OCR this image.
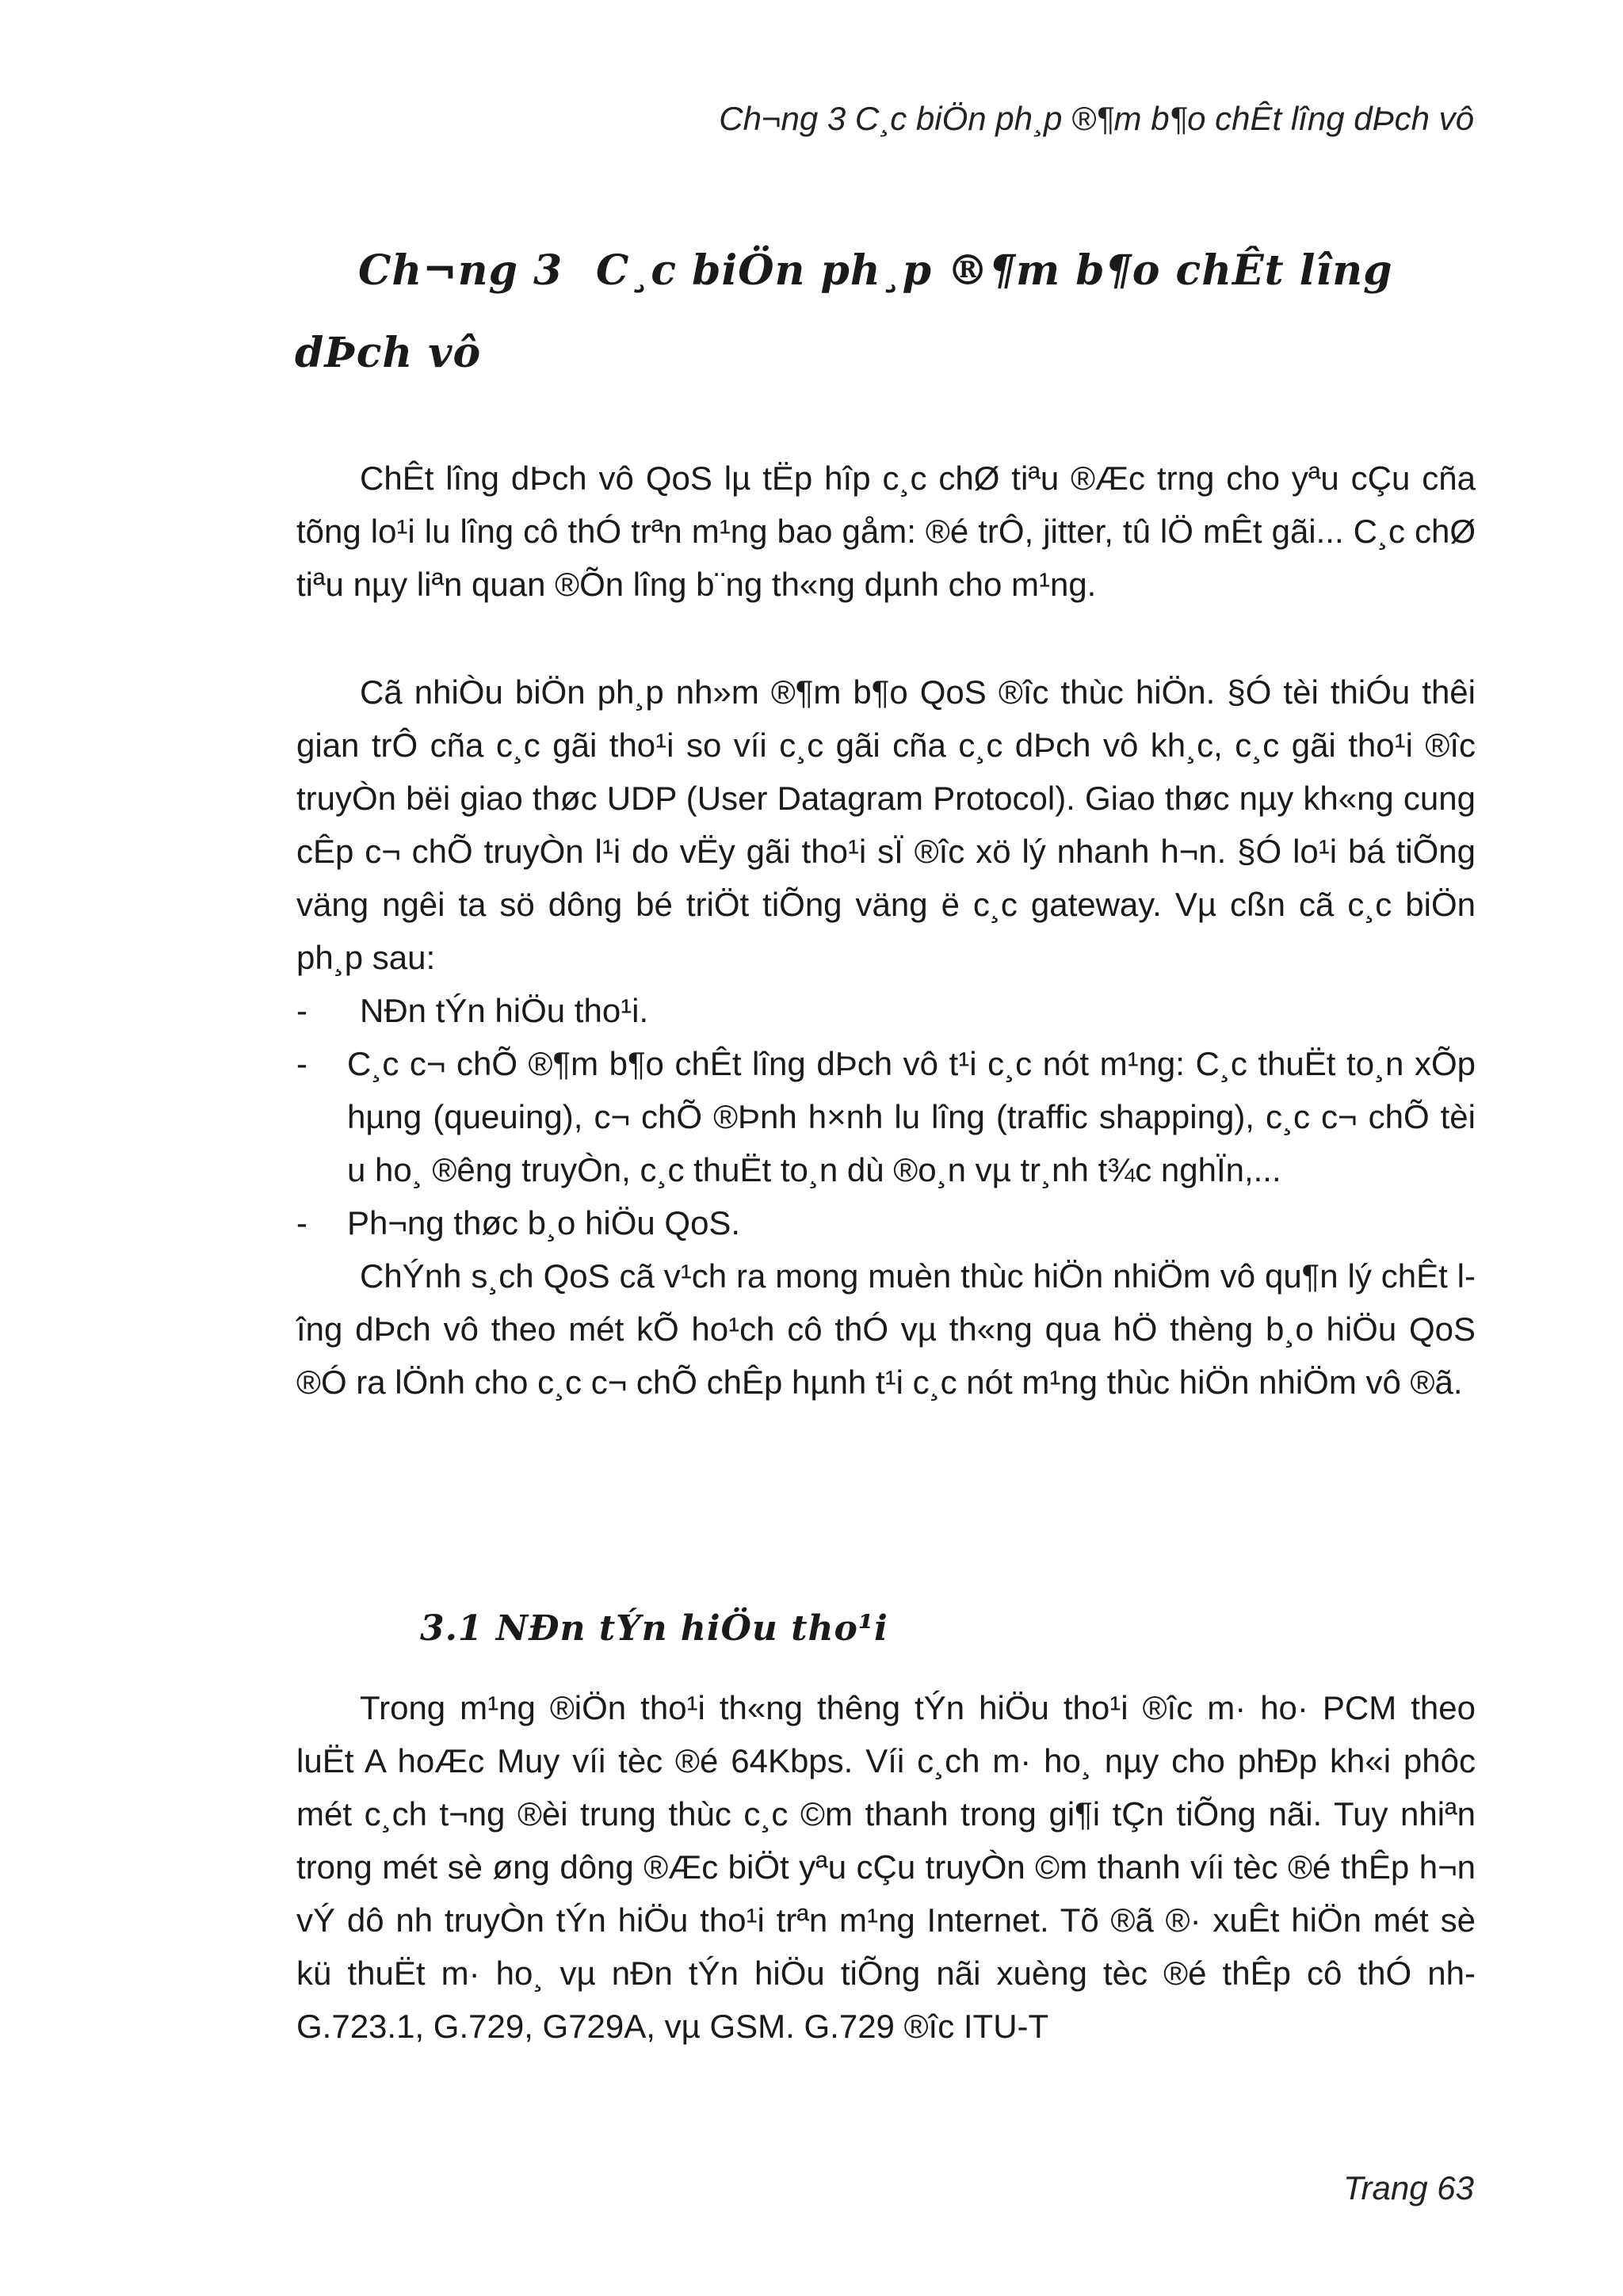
Ch¬ng 3 C¸c biÖn ph¸p ®¶m b¶o chÊt lîng dÞch vô
Ch¬ng 3 C¸c biÖn ph¸p ®¶m b¶o chÊt lîng
dÞch vô

ChÊt lîng dÞch vô QoS lµ tËp hîp c¸c chØ tiªu ®Æc trng cho yªu cÇu cña tõng lo¹i lu lîng cô thÓ trªn m¹ng bao gåm: ®é trÔ, jitter, tû lÖ mÊt gãi... C¸c chØ tiªu nµy liªn quan ®Õn lîng b¨ng th«ng dµnh cho m¹ng.

Cã nhiÒu biÖn ph¸p nh»m ®¶m b¶o QoS ®îc thùc hiÖn. §Ó tèi thiÓu thêi gian trÔ cña c¸c gãi tho¹i so víi c¸c gãi cña c¸c dÞch vô kh¸c, c¸c gãi tho¹i ®îc truyÒn bëi giao thøc UDP (User Datagram Protocol). Giao thøc nµy kh«ng cung cÊp c¬ chÕ truyÒn l¹i do vËy gãi tho¹i sÏ ®îc xö lý nhanh h¬n. §Ó lo¹i bá tiÕng väng ngêi ta sö dông bé triÖt tiÕng väng ë c¸c gateway. Vµ cßn cã c¸c biÖn ph¸p sau:

-	NÐn tÝn hiÖu tho¹i.
-	C¸c c¬ chÕ ®¶m b¶o chÊt lîng dÞch vô t¹i c¸c nót m¹ng: C¸c thuËt to¸n xÕp hµng (queuing), c¬ chÕ ®Þnh h×nh lu lîng (traffic shapping), c¸c c¬ chÕ tèi u ho¸ ®êng truyÒn, c¸c thuËt to¸n dù ®o¸n vµ tr¸nh t¾c nghÏn,...
-	Ph¬ng thøc b¸o hiÖu QoS.

ChÝnh s¸ch QoS cã v¹ch ra mong muèn thùc hiÖn nhiÖm vô qu¶n lý chÊt lîng dÞch vô theo mét kÕ ho¹ch cô thÓ vµ th«ng qua hÖ thèng b¸o hiÖu QoS ®Ó ra lÖnh cho c¸c c¬ chÕ chÊp hµnh t¹i c¸c nót m¹ng thùc hiÖn nhiÖm vô ®ã.

3.1 NÐn tÝn hiÖu tho¹i

Trong m¹ng ®iÖn tho¹i th«ng thêng tÝn hiÖu tho¹i ®îc m· ho· PCM theo luËt A hoÆc Muy víi tèc ®é 64Kbps. Víi c¸ch m· ho¸ nµy cho phÐp kh«i phôc mét c¸ch t¬ng ®èi trung thùc c¸c ©m thanh trong gi¶i tÇn tiÕng nãi. Tuy nhiªn trong mét sè øng dông ®Æc biÖt yªu cÇu truyÒn ©m thanh víi tèc ®é thÊp h¬n vÝ dô nh truyÒn tÝn hiÖu tho¹i trªn m¹ng Internet. Tõ ®ã ®· xuÊt hiÖn mét sè kü thuËt m· ho¸ vµ nÐn tÝn hiÖu tiÕng nãi xuèng tèc ®é thÊp cô thÓ nh G.723.1, G.729, G729A, vµ GSM. G.729 ®îc ITU-T

Trang 63
